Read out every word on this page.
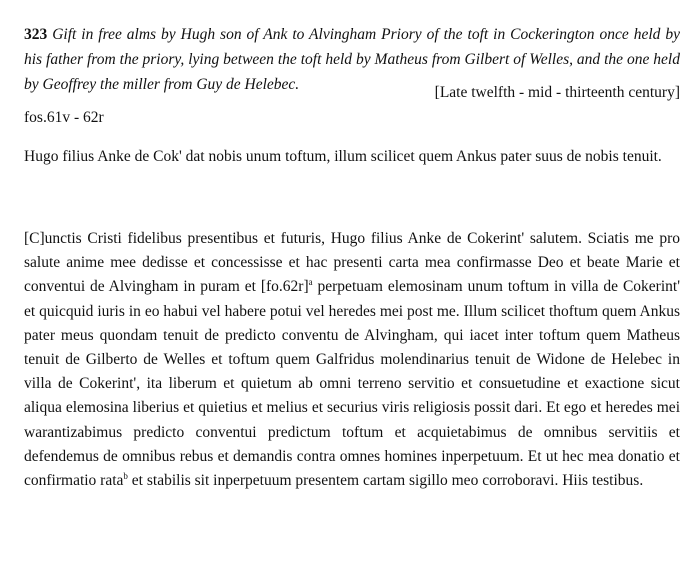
323 Gift in free alms by Hugh son of Ank to Alvingham Priory of the toft in Cockerington once held by his father from the priory, lying between the toft held by Matheus from Gilbert of Welles, and the one held by Geoffrey the miller from Guy de Helebec.	[Late twelfth - mid - thirteenth century]
fos.61v - 62r
Hugo filius Anke de Cok' dat nobis unum toftum, illum scilicet quem Ankus pater suus de nobis tenuit.
[C]unctis Cristi fidelibus presentibus et futuris, Hugo filius Anke de Cokerint' salutem. Sciatis me pro salute anime mee dedisse et concessisse et hac presenti carta mea confirmasse Deo et beate Marie et conventui de Alvingham in puram et $[fo.62r]^a$ perpetuam elemosinam unum toftum in villa de Cokerint' et quicquid iuris in eo habui vel habere potui vel heredes mei post me. Illum scilicet thoftum quem Ankus pater meus quondam tenuit de predicto conventu de Alvingham, qui iacet inter toftum quem Matheus tenuit de Gilberto de Welles et toftum quem Galfridus molendinarius tenuit de Widone de Helebec in villa de Cokerint', ita liberum et quietum ab omni terreno servitio et consuetudine et exactione sicut aliqua elemosina liberius et quietius et melius et securius viris religiosis possit dari. Et ego et heredes mei warantizabimus predicto conventui predictum toftum et acquietabimus de omnibus servitiis et defendemus de omnibus rebus et demandis contra omnes homines inperpetuum. Et ut hec mea donatio et confirmatio rata$^b$ et stabilis sit inperpetuum presentem cartam sigillo meo corroboravi. Hiis testibus.
